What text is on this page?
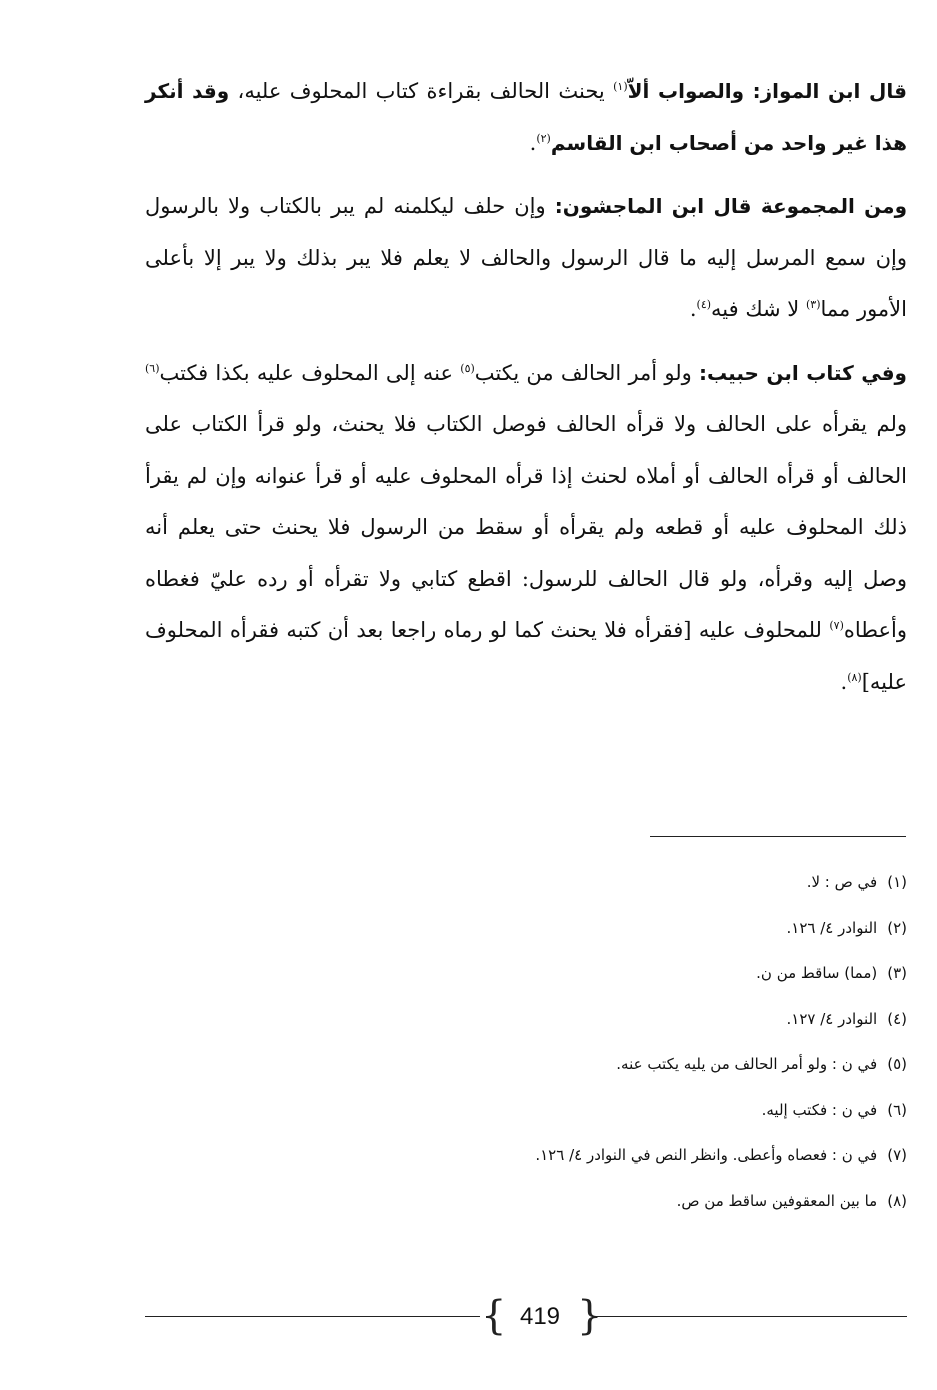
قال ابن المواز: والصواب ألاّ$^{(١)}$ يحنث الحالف بقراءة كتاب المحلوف عليه، وقد أنكر هذا غير واحد من أصحاب ابن القاسم$^{(٢)}$.

ومن المجموعة قال ابن الماجشون: وإن حلف ليكلمنه لم يبر بالكتاب ولا بالرسول وإن سمع المرسل إليه ما قال الرسول والحالف لا يعلم فلا يبر بذلك ولا يبر إلا بأعلى الأمور مما$^{(٣)}$ لا شك فيه$^{(٤)}$.

وفي كتاب ابن حبيب: ولو أمر الحالف من يكتب$^{(٥)}$ عنه إلى المحلوف عليه بكذا فكتب$^{(٦)}$ ولم يقرأه على الحالف ولا قرأه الحالف فوصل الكتاب فلا يحنث، ولو قرأ الكتاب على الحالف أو قرأه الحالف أو أملاه لحنث إذا قرأه المحلوف عليه أو قرأ عنوانه وإن لم يقرأ ذلك المحلوف عليه أو قطعه ولم يقرأه أو سقط من الرسول فلا يحنث حتى يعلم أنه وصل إليه وقرأه، ولو قال الحالف للرسول: اقطع كتابي ولا تقرأه أو رده عليّ فغطاه وأعطاه$^{(٧)}$ للمحلوف عليه [فقرأه فلا يحنث كما لو رماه راجعا بعد أن كتبه فقرأه المحلوف عليه]$^{(٨)}$.

(١)في ص : لا.
(٢)النوادر ٤/ ١٢٦.
(٣)(مما) ساقط من ن.
(٤)النوادر ٤/ ١٢٧.
(٥)في ن : ولو أمر الحالف من يليه يكتب عنه.
(٦)في ن : فكتب إليه.
(٧)في ن : فعصاه وأعطى. وانظر النص في النوادر ٤/ ١٢٦.
(٨)ما بين المعقوفين ساقط من ص.
{ 419 }
